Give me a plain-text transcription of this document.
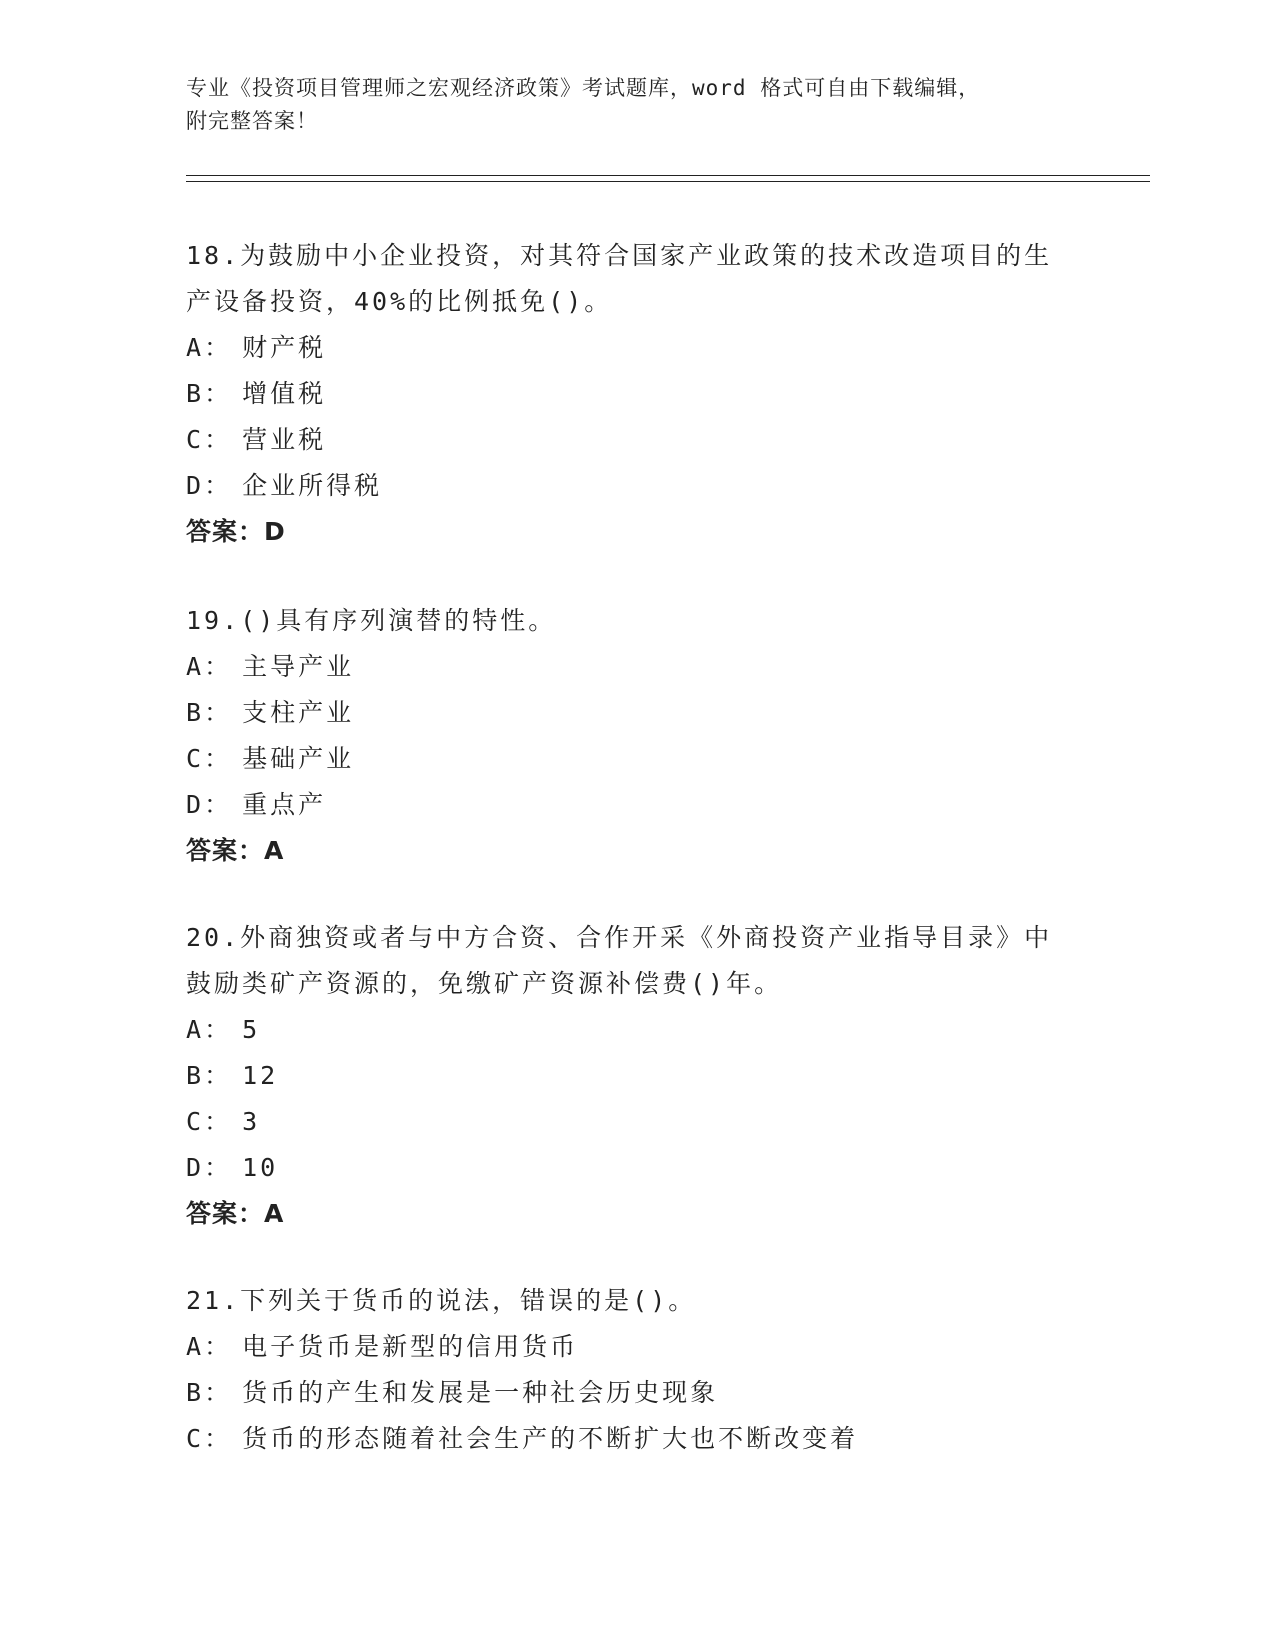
专业《投资项目管理师之宏观经济政策》考试题库，word 格式可自由下载编辑，
附完整答案！
18.为鼓励中小企业投资，对其符合国家产业政策的技术改造项目的生
产设备投资，40%的比例抵免()。
A： 财产税
B： 增值税
C： 营业税
D： 企业所得税
答案：D
19.()具有序列演替的特性。
A： 主导产业
B： 支柱产业
C： 基础产业
D： 重点产
答案：A
20.外商独资或者与中方合资、合作开采《外商投资产业指导目录》中
鼓励类矿产资源的，免缴矿产资源补偿费()年。
A： 5
B： 12
C： 3
D： 10
答案：A
21.下列关于货币的说法，错误的是()。
A： 电子货币是新型的信用货币
B： 货币的产生和发展是一种社会历史现象
C： 货币的形态随着社会生产的不断扩大也不断改变着
